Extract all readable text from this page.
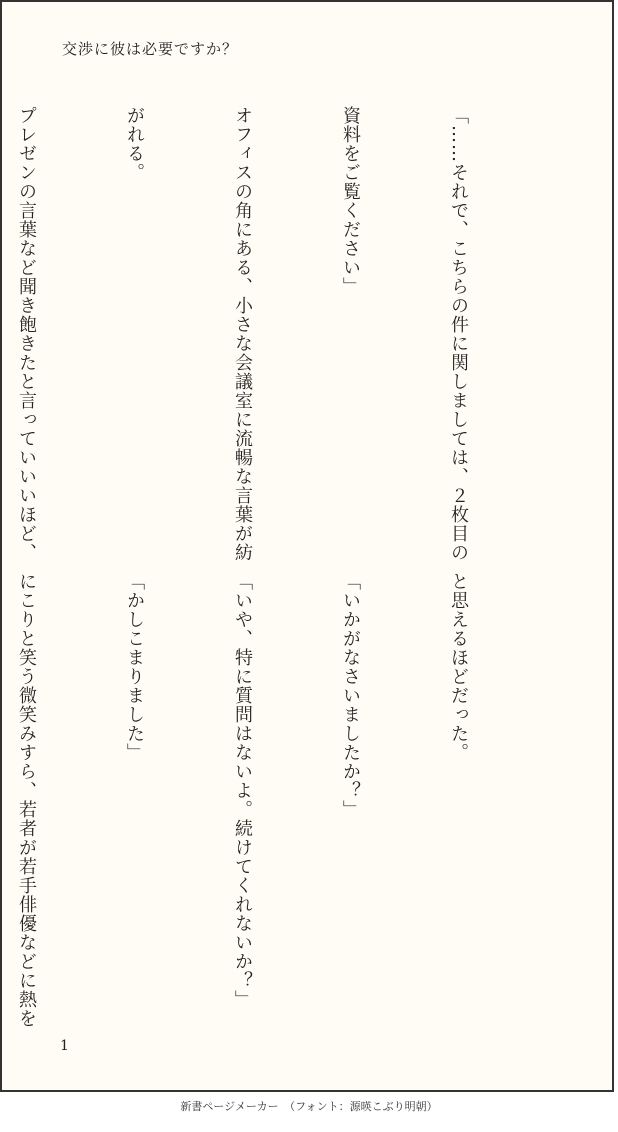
交渉に彼は必要ですか？

「……それで、こちらの件に関しましては、２枚目の

資料をご覧ください」

オフィスの角にある、小さな会議室に流暢な言葉が紡

がれる。

プレゼンの言葉など聞き飽きたと言っていいいほど、

と思えるほどだった。

「いかがなさいましたか？」

「いや、特に質問はないよ。続けてくれないか？」

「かしこまりました」

にこりと笑う微笑みすら、若者が若手俳優などに熱を

1
新書ページメーカー　（フォント：源暎こぶり明朝）
